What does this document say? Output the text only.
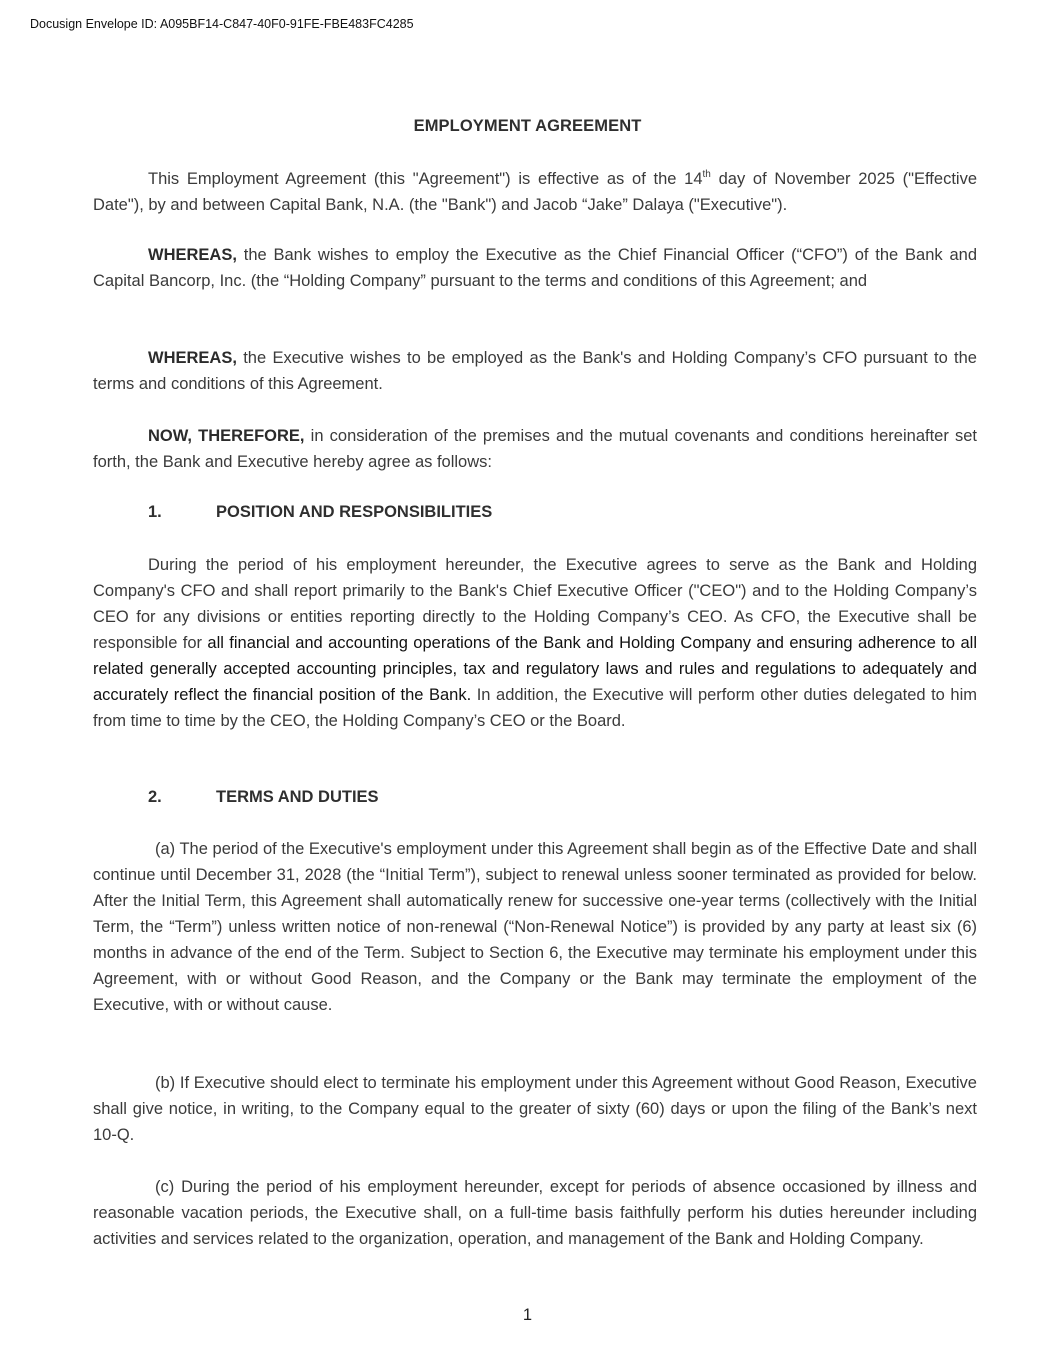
Docusign Envelope ID: A095BF14-C847-40F0-91FE-FBE483FC4285
EMPLOYMENT AGREEMENT

This Employment Agreement (this "Agreement") is effective as of the 14th day of November 2025 ("Effective Date"), by and between Capital Bank, N.A. (the "Bank") and Jacob “Jake” Dalaya ("Executive").

WHEREAS, the Bank wishes to employ the Executive as the Chief Financial Officer (“CFO”) of the Bank and Capital Bancorp, Inc. (the “Holding Company” pursuant to the terms and conditions of this Agreement; and

WHEREAS, the Executive wishes to be employed as the Bank's and Holding Company’s CFO pursuant to the terms and conditions of this Agreement.

NOW, THEREFORE, in consideration of the premises and the mutual covenants and conditions hereinafter set forth, the Bank and Executive hereby agree as follows:

1.	POSITION AND RESPONSIBILITIES

During the period of his employment hereunder, the Executive agrees to serve as the Bank and Holding Company's CFO and shall report primarily to the Bank's Chief Executive Officer ("CEO") and to the Holding Company’s CEO for any divisions or entities reporting directly to the Holding Company’s CEO. As CFO, the Executive shall be responsible for all financial and accounting operations of the Bank and Holding Company and ensuring adherence to all related generally accepted accounting principles, tax and regulatory laws and rules and regulations to adequately and accurately reflect the financial position of the Bank. In addition, the Executive will perform other duties delegated to him from time to time by the CEO, the Holding Company’s CEO or the Board.

2.	TERMS AND DUTIES

(a) The period of the Executive's employment under this Agreement shall begin as of the Effective Date and shall continue until December 31, 2028 (the “Initial Term”), subject to renewal unless sooner terminated as provided for below. After the Initial Term, this Agreement shall automatically renew for successive one-year terms (collectively with the Initial Term, the “Term”) unless written notice of non-renewal (“Non-Renewal Notice”) is provided by any party at least six (6) months in advance of the end of the Term. Subject to Section 6, the Executive may terminate his employment under this Agreement, with or without Good Reason, and the Company or the Bank may terminate the employment of the Executive, with or without cause.

(b) If Executive should elect to terminate his employment under this Agreement without Good Reason, Executive shall give notice, in writing, to the Company equal to the greater of sixty (60) days or upon the filing of the Bank’s next 10-Q.

(c) During the period of his employment hereunder, except for periods of absence occasioned by illness and reasonable vacation periods, the Executive shall, on a full-time basis faithfully perform his duties hereunder including activities and services related to the organization, operation, and management of the Bank and Holding Company.

1
